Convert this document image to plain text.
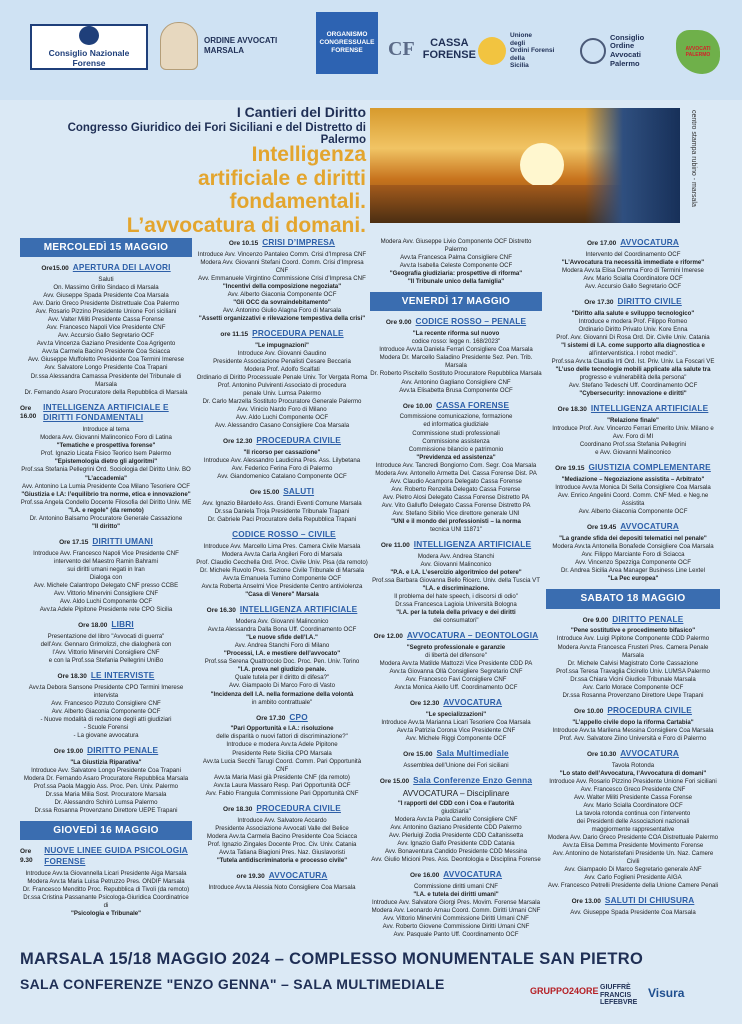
Consiglio Nazionale Forense
ORDINE AVVOCATI
MARSALA
ORGANISMO
CONGRESSUALE
FORENSE	CF	CASSA FORENSE
Unione
degli
Ordini Forensi
della
Sicilia
Consiglio
Ordine
Avvocati
Palermo
AVVOCATI PALERMO
I Cantieri del Diritto
Congresso Giuridico dei Fori Siciliani e del Distretto di Palermo
Intelligenza
artificiale e diritti fondamentali.
L’avvocatura di domani.
centro stampa rubino - marsala
MERCOLEDÌ 15 MAGGIO
Ore15.00 APERTURA DEI LAVORI
Saluti
On. Massimo Grillo Sindaco di Marsala
Avv. Giuseppe Spada Presidente Coa Marsala
Avv. Dario Greco Presidente Distrettuale Coa Palermo
Avv. Rosario Pizzino Presidente Unione Fori siciliani
Avv. Valter Militi Presidente Cassa Forense
Avv. Francesco Napoli Vice Presidente CNF
Avv. Accursio Gallo Segretario OCF
Avv.ta Vincenza Gaziano Presidente Coa Agrigento
Avv.ta Carmela Bacino Presidente Coa Sciacca
Avv. Giuseppe Muffoletto Presidente Coa Termini Imerese
Avv. Salvatore Longo Presidente Coa Trapani
Dr.ssa Alessandra Camassa Presidente del Tribunale di Marsala
Dr. Fernando Asaro Procuratore della Repubblica di Marsala
Ore 16.00
INTELLIGENZA ARTIFICIALE E DIRITTI FONDAMENTALI
Introduce al tema
Modera Avv. Giovanni Malinconico Foro di Latina
"Tematiche e prospettiva forense"
Prof. Ignazio Licata Fisico Teorico Isem Palermo
"Epistemologia dietro gli algoritmi"
Prof.ssa Stefania Pellegrini Ord. Sociologia del Diritto Univ. BO
"L’accademia"
Avv. Antonino La Lumia Presidente Coa Milano Tesoriere OCF
"Giustizia e I.A: l’equilibrio tra norme, etica e innovazione"
Prof.ssa Angela Condello Docente Filosofia del Diritto Univ. ME
"I.A. e regole" (da remoto)
Dr. Antonino Balsamo Procuratore Generale Cassazione
"Il diritto"
Ore 17.15 DIRITTI UMANI
Introduce Avv. Francesco Napoli Vice Presidente CNF
intervento del Maestro Ramin Bahrami
sui diritti umani negati in Iran
Dialoga con
Avv. Michele Calantropo Delegato CNF presso CCBE
Avv. Vittorio Minervini Consigliere CNF
Avv. Aldo Luchi Componente OCF
Avv.ta Adele Pipitone Presidente rete CPO Sicilia
Ore 18.00 LIBRI
Presentazione del libro "Avvocati di guerra"
dell’Avv. Gennaro Grimolizzi, che dialogherà con
l’Avv. Vittorio Minervini Consigliere CNF
e con la Prof.ssa Stefania Pellegrini UniBo
Ore 18.30 LE INTERVISTE
Avv.ta Debora Sansone Presidente CPO Termini Imerese
intervista
Avv. Francesco Pizzuto Consigliere CNF
Avv. Alberto Giaconia Componente OCF
- Nuove modalità di redazione degli atti giudiziari
- Scuole Forensi
- La giovane avvocatura
Ore 19.00 DIRITTO PENALE
"La Giustizia Riparativa"
Introduce Avv. Salvatore Longo Presidente Coa Trapani
Modera Dr. Fernando Asaro Procuratore Repubblica Marsala
Prof.ssa Paola Maggio Ass. Proc. Pen. Univ. Palermo
Dr.ssa Maria Milia Sost. Procuratore Marsala
Dr. Alessandro Schirò Lumsa Palermo
Dr.ssa Rosanna Provenzano Direttore UEPE Trapani
GIOVEDÌ 16 MAGGIO
Ore 9.30
NUOVE LINEE GUIDA PSICOLOGIA FORENSE
Introduce Avv.ta Giovannella Licari Presidente Aiga Marsala
Modera Avv.ta Maria Luisa Petruzzo Pres. ONDIF Marsala
Dr. Francesco Menditto Proc. Repubblica di Tivoli (da remoto)
Dr.ssa Cristina Passanante Psicologa-Giuridica Coordinatrice di
"Psicologia e Tribunale"
Ore 10.15 CRISI D’IMPRESA
Introduce Avv. Vincenzo Pantaleo Comm. Crisi d’Impresa CNF
Modera Avv. Giovanni Stefani Coord. Comm. Crisi d’Impresa CNF
Avv. Emmanuele Virgintino Commissione Crisi d’Impresa CNF
"Incentivi della composizione negoziata"
Avv. Alberto Giaconia Componente OCF
"Gli OCC da sovraindebitamento"
Avv. Antonino Giulio Alagna Foro di Marsala
"Assetti organizzativi e rilevazione tempestiva della crisi"
ore 11.15 PROCEDURA PENALE
"Le impugnazioni"
Introduce Avv. Giovanni Gaudino
Presidente Associazione Penalisti Cesare Beccaria
Modera Prof. Adolfo Scalfati
Ordinario di Diritto Processuale Penale Univ. Tor Vergata Roma
Prof. Antonino Pulvirenti Associato di procedura
penale Univ. Lumsa Palermo
Dr. Carlo Marzella Sostituto Procuratore Generale Palermo
Avv. Vinicio Nardo Foro di Milano
Avv. Aldo Luchi Componente OCF
Avv. Alessandro Casano Consigliere Coa Marsala
Ore 12.30 PROCEDURA CIVILE
"Il ricorso per cassazione"
Introduce Avv. Alessandro Laudicina Pres. Ass. Lilybetana
Avv. Federico Ferina Foro di Palermo
Avv. Giandomenico Catalano Componente OCF
Ore 15.00 SALUTI
Avv. Ignazio Bilardello Ass. Grandi Eventi Comune Marsala
Dr.ssa Daniela Troja Presidente Tribunale Trapani
Dr. Gabriele Paci Procuratore della Repubblica Trapani
CODICE ROSSO – CIVILE
Introduce Avv. Marcello Lima Pres. Camera Civile Marsala
Modera Avv.ta Carla Angileri Foro di Marsala
Prof. Claudio Cecchella Ord. Proc. Civile Univ. Pisa (da remoto)
Dr. Michele Ruvolo Pres. Sezione Civile Tribunale di Marsala
Avv.ta Emanuela Tumino Componente OCF
Avv.ta Roberta Anselmi Vice Presidente Centro antiviolenza
"Casa di Venere" Marsala
Ore 16.30 INTELLIGENZA ARTIFICIALE
Modera Avv. Giovanni Malinconico
Avv.ta Alessandra Dalla Bona Uff. Coordinamento OCF
"Le nuove sfide dell’I.A."
Avv. Andrea Stanchi Foro di Milano
"Processi, I.A. e mestiere dell’avvocato"
Prof.ssa Serena Quattrocolo Doc. Proc. Pen. Univ. Torino
"I.A. prova nel giudizio penale.
Quale tutela per il diritto di difesa?"
Avv. Giampaolo Di Marco Foro di Vasto
"Incidenza dell I.A. nella formazione della volontà
in ambito contrattuale"
Ore 17.30 CPO
"Pari Opportunità e I.A.: risoluzione
delle disparità o nuovi fattori di discriminazione?"
Introduce e modera Avv.ta Adele Pipitone
Presidente Rete Sicilia CPO Marsala
Avv.ta Lucia Secchi Tarugi Coord. Comm. Pari Opportunità CNF
Avv.ta Maria Masi già Presidente CNF (da remoto)
Avv.ta Laura Massaro Resp. Pari Opportunità OCF
Avv. Fabio Frangula Commissione Pari Opportunità CNF
Ore 18.30 PROCEDURA CIVILE
Introduce Avv. Salvatore Accardo
Presidente Associazione Avvocati Valle del Belice
Modera Avv.ta Carmela Bacino Presidente Coa Sciacca
Prof. Ignazio Zingales Docente Proc. Civ. Univ. Catania
Avv.ta Tatiana Biagioni Pres. Naz. Giuslavoristi
"Tutela antidiscriminatoria e processo civile"
ore 19.30 AVVOCATURA
Introduce Avv.ta Alessia Noto Consigliere Coa Marsala
Modera Avv. Giuseppe Livio Componente OCF Distretto Palermo
Avv.ta Francesca Palma Consigliere CNF
Avv.ta Isabella Celeste Componente OCF
"Geografia giudiziaria: prospettive di riforma"
"Il Tribunale unico della famiglia"
VENERDÌ 17 MAGGIO
Ore 9.00 CODICE ROSSO – PENALE
"La recente riforma sul nuovo
codice rosso: legge n. 168/2023"
Introduce Avv.ta Daniela Ferrari Consigliere Coa Marsala
Modera Dr. Marcello Saladino Presidente Sez. Pen. Trib.
Marsala
Dr. Roberto Piscitello Sostituto Procuratore Repubblica Marsala
Avv. Antonino Gagliano Consigliere CNF
Avv.ta Elisabetta Brusa Componente OCF
Ore 10.00 CASSA FORENSE
Commissione comunicazione, formazione
ed informatica giudiziale
Commissione studi professionali
Commissione assistenza
Commissione bilancio e patrimonio
"Previdenza ed assistenza"
Introduce Avv. Tancredi Bongiorno Com. Segr. Coa Marsala
Modera Avv. Antonello Armetta Del. Cassa Forense Dist. PA
Avv. Claudio Acampora Delegato Cassa Forense
Avv. Roberto Renzella Delegato Cassa Forense
Avv. Pietro Alosi Delegato Cassa Forense Distretto PA
Avv. Vito Galluffo Delegato Cassa Forense Distretto PA
Avv. Stefano Sibilio Vice direttore generale UNI
"UNI e il mondo dei professionisti – la norma
tecnica UNI 11871"
Ore 11.00 INTELLIGENZA ARTIFICIALE
Modera Avv. Andrea Stanchi
Avv. Giovanni Malinconico
"P.A. e I.A. L’esercizio algoritmico del potere"
Prof.ssa Barbara Giovanna Bello Ricerc. Univ. della Tuscia VT
"I.A. e discriminazione.
Il problema del hate speech, i discorsi di odio"
Dr.ssa Francesca Lagioia Università Bologna
"I.A. per la tutela della privacy e dei diritti
dei consumatori"
Ore 12.00 AVVOCATURA – DEONTOLOGIA
"Segreto professionale e garanzie
di libertà del difensore"
Modera Avv.ta Matilde Mattozzi Vice Presidente CDD PA
Avv.ta Giovanna Ollà Consigliere Segretario CNF
Avv. Francesco Favi Consigliere CNF
Avv.ta Monica Aiello Uff. Coordinamento OCF
Ore 12.30 AVVOCATURA
"Le specializzazioni"
Introduce Avv.ta Marianna Licari Tesoriere Coa Marsala
Avv.ta Patrizia Corona Vice Presidente CNF
Avv. Michele Riggi Componente OCF
Ore 15.00 Sala Multimediale
Assemblea dell’Unione dei Fori siciliani
Ore 15.00 Sala Conferenze Enzo Genna
AVVOCATURA – Disciplinare
"I rapporti del CDD con i Coa e l’autorità
giudiziaria"
Modera Avv.ta Paola Carello Consigliere CNF
Avv. Antonino Gaziano Presidente CDD Palermo
Avv. Pierluigi Zodia Presidente CDD Caltanissetta
Avv. Ignazio Galfo Presidente CDD Catania
Avv. Bonaventura Candido Presidente CDD Messina
Avv. Giulio Micioni Pres. Ass. Deontologia e Disciplina Forense
Ore 16.00 AVVOCATURA
Commissione diritti umani CNF
"I.A. e tutela dei diritti umani"
Introduce Avv. Salvatore Giorgi Pres. Movim. Forense Marsala
Modera Avv. Leonardo Arnau Coord. Comm. Diritti Umani CNF
Avv. Vittorio Minervini Commissione Diritti Umani CNF
Avv. Roberto Giovene Commissione Diritti Umani CNF
Avv. Pasquale Panto Uff. Coordinamento OCF
Ore 17.00 AVVOCATURA
Intervento del Coordinamento OCF
"L’Avvocatura tra necessità immediate e riforme"
Modera Avv.ta Elisa Demma Foro di Termini Imerese
Avv. Mario Scialla Coordinatore OCF
Avv. Accursio Gallo Segretario OCF
Ore 17.30 DIRITTO CIVILE
"Diritto alla salute e sviluppo tecnologico"
Introduce e modera Prof. Filippo Romeo
Ordinario Diritto Privato Univ. Kore Enna
Prof. Avv. Giovanni Di Rosa Ord. Dir. Civile Univ. Catania
"I sistemi di I.A. come supporto alla diagnostica e
all’interventistica. I robot medici".
Prof.ssa Avv.ta Claudia Irti Ord. Ist. Priv. Univ. La Foscari VE
"L’uso delle tecnologie mobili applicate alla salute tra
progresso e vulnerabilità della persona"
Avv. Stefano Tedeschi Uff. Coordinamento OCF
"Cybersecurity: innovazione e diritti"
Ore 18.30 INTELLIGENZA ARTIFICIALE
"Relazione finale"
Introduce Prof. Avv. Vincenzo Ferrari Emerito Univ. Milano e Avv. Foro di MI
Coordinano Prof.ssa Stefania Pellegrini
e Avv. Giovanni Malinconico
Ore 19.15 GIUSTIZIA COMPLEMENTARE
"Mediazione – Negoziazione assistita – Arbitrato"
Introduce Avv.ta Monica Di Sella Consigliere Coa Marsala
Avv. Enrico Angelini Coord. Comm. CNF Med. e Neg.ne Assistita
Avv. Alberto Giaconia Componente OCF
Ore 19.45 AVVOCATURA
"La grande sfida dei depositi telematici nel penale"
Modera Avv.ta Antonella Bonafede Consigliere Coa Marsala
Avv. Filippo Marciante Foro di Sciacca
Avv. Vincenzo Spezziga Componente OCF
Dr. Andrea Sicilia Area Manager Business Line Lextel
"La Pec europea"
SABATO 18 MAGGIO
Ore 9.00 DIRITTO PENALE
"Pene sostitutive e procedimento bifasico"
Introduce Avv. Luigi Pipitone Componente CDD Palermo
Modera Avv.ta Francesca Frusteri Pres. Camera Penale Marsala
Dr. Michele Calvisi Magistrato Corte Cassazione
Prof.ssa Teresa Travaglia Cicirello Univ. LUMSA Palermo
Dr.ssa Chiara Vicini Giudice Tribunale Marsala
Avv. Carlo Morace Componente OCF
Dr.ssa Rosanna Provenzano Direttore Uepe Trapani
Ore 10.00 PROCEDURA CIVILE
"L’appello civile dopo la riforma Cartabia"
Introduce Avv.ta Marilena Messina Consigliere Coa Marsala
Prof. Avv. Salvatore Ziino Università e Foro di Palermo
Ore 10.30 AVVOCATURA
Tavola Rotonda
"Lo stato dell’Avvocatura, l’Avvocatura di domani"
Introduce Avv. Rosario Pizzino Presidente Unione Fori siciliani
Avv. Francesco Greco Presidente CNF
Avv. Walter Militi Presidente Cassa Forense
Avv. Mario Scialla Coordinatore OCF
La tavola rotonda continua con l’intervento
dei Presidenti delle Associazioni nazionali
maggiormente rappresentative
Modera Avv. Dario Greco Presidente COA Distrettuale Palermo
Avv.ta Elisa Demma Presidente Movimento Forense
Avv. Antonino de Notaristefani Presidente Un. Naz. Camere Civili
Avv. Giampaolo Di Marco Segretario generale ANF
Avv. Carlo Foglieni Presidente AIGA
Avv. Francesco Petrelli Presidente della Unione Camere Penali
Ore 13.00 SALUTI DI CHIUSURA
Avv. Giuseppe Spada Presidente Coa Marsala
MARSALA 15/18 MAGGIO 2024 – COMPLESSO MONUMENTALE SAN PIETRO
SALA CONFERENZE "ENZO GENNA" – SALA MULTIMEDIALE	GRUPPO24ORE GIUFFRÈ
FRANCIS
LEFEBVRE
Visura
